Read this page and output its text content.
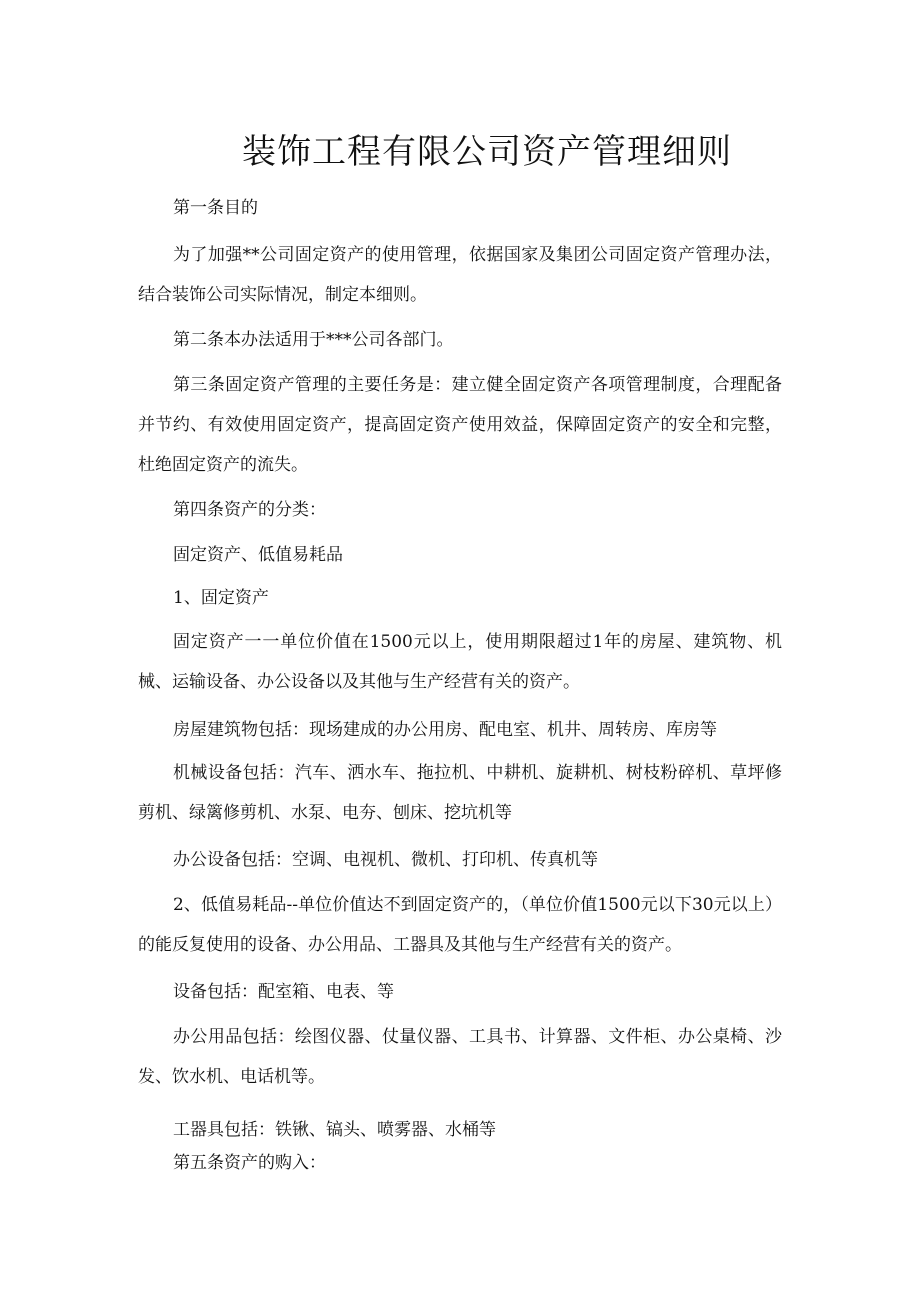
装饰工程有限公司资产管理细则

第一条目的

为了加强**公司固定资产的使用管理，依据国家及集团公司固定资产管理办法，结合装饰公司实际情况，制定本细则。

第二条本办法适用于***公司各部门。

第三条固定资产管理的主要任务是：建立健全固定资产各项管理制度，合理配备并节约、有效使用固定资产，提高固定资产使用效益，保障固定资产的安全和完整，杜绝固定资产的流失。

第四条资产的分类：

固定资产、低值易耗品

1、固定资产

固定资产一一单位价值在1500元以上，使用期限超过1年的房屋、建筑物、机械、运输设备、办公设备以及其他与生产经营有关的资产。

房屋建筑物包括：现场建成的办公用房、配电室、机井、周转房、库房等

机械设备包括：汽车、洒水车、拖拉机、中耕机、旋耕机、树枝粉碎机、草坪修剪机、绿篱修剪机、水泵、电夯、刨床、挖坑机等

办公设备包括：空调、电视机、微机、打印机、传真机等

2、低值易耗品--单位价值达不到固定资产的，（单位价值1500元以下30元以上）的能反复使用的设备、办公用品、工器具及其他与生产经营有关的资产。

设备包括：配室箱、电表、等

办公用品包括：绘图仪器、仗量仪器、工具书、计算器、文件柜、办公桌椅、沙发、饮水机、电话机等。

工器具包括：铁锹、镐头、喷雾器、水桶等

第五条资产的购入：
